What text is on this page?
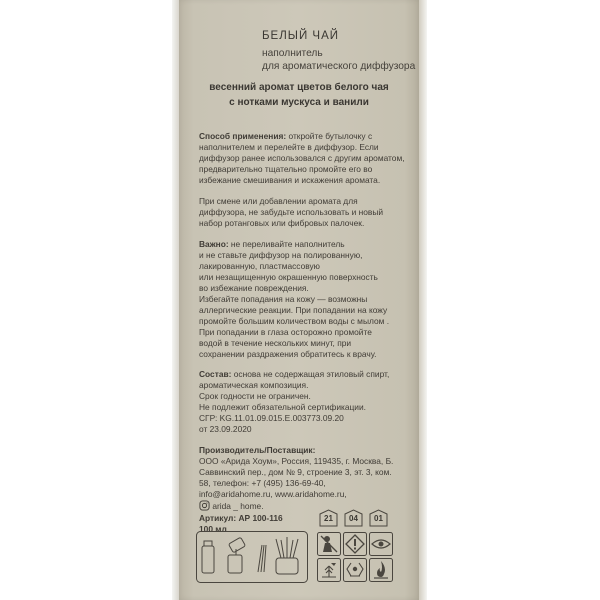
БЕЛЫЙ ЧАЙ
наполнитель
для ароматического диффузора
весенний аромат цветов белого чая
с нотками мускуса и ванили
Способ применения: откройте бутылочку с
наполнителем и перелейте в диффузор. Если
диффузор ранее использовался с другим ароматом,
предварительно тщательно промойте его во
избежание смешивания и искажения аромата.
При смене или добавлении аромата для
диффузора, не забудьте использовать и новый
набор ротанговых или фибровых палочек.
Важно: не переливайте наполнитель
и не ставьте диффузор на полированную,
лакированную, пластмассовую
или незащищенную окрашенную поверхность
во избежание повреждения.
Избегайте попадания на кожу — возможны
аллергические реакции. При попадании на кожу
промойте большим количеством воды с мылом .
При попадании в глаза осторожно промойте
водой в течение нескольких минут, при
сохранении раздражения обратитесь к врачу.
Состав: основа не содержащая этиловый спирт,
ароматическая композиция.
Срок годности не ограничен.
Не подлежит обязательной сертификации.
СГР: KG.11.01.09.015.E.003773.09.20
от 23.09.2020
Производитель/Поставщик:
ООО «Арида Хоум», Россия, 119435, г. Москва, Б.
Саввинский пер., дом № 9, строение 3, эт. 3, ком.
58, телефон: +7 (495) 136-69-40,
info@aridahome.ru, www.aridahome.ru,
arida _ home.
Артикул: АР 100-116
100 мл
21	04	01
